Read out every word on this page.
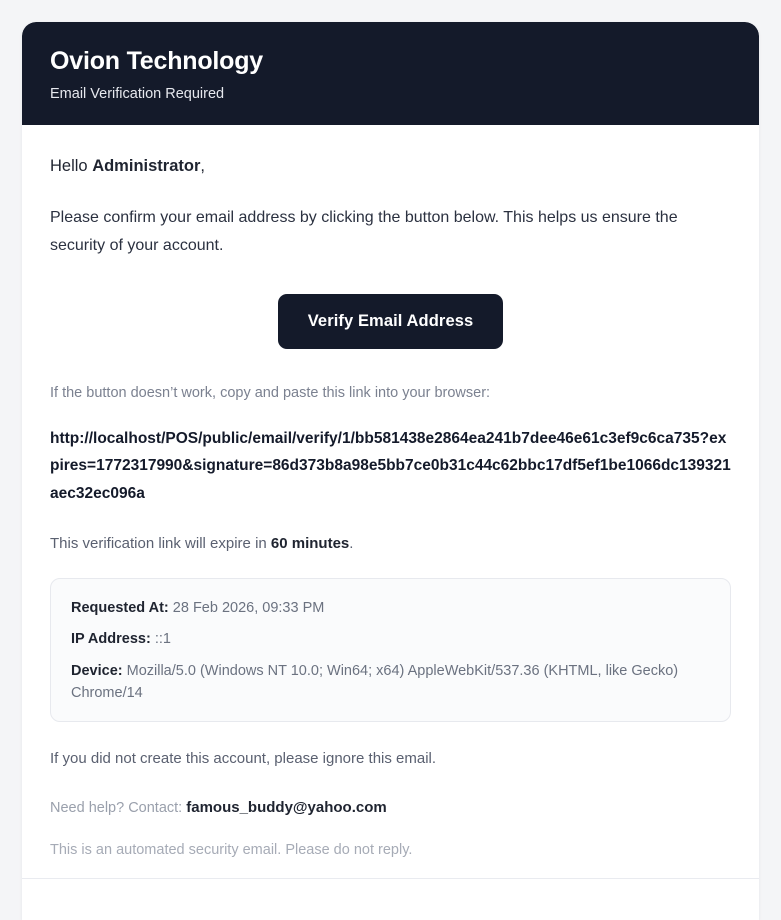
Ovion Technology
Email Verification Required

Hello Administrator,

Please confirm your email address by clicking the button below. This helps us ensure the security of your account.

Verify Email Address

If the button doesn’t work, copy and paste this link into your browser:

http://localhost/POS/public/email/verify/1/bb581438e2864ea241b7dee46e61c3ef9c6ca735?expires=1772317990&signature=86d373b8a98e5bb7ce0b31c44c62bbc17df5ef1be1066dc139321aec32ec096a

This verification link will expire in 60 minutes.

Requested At: 28 Feb 2026, 09:33 PM
IP Address: ::1
Device: Mozilla/5.0 (Windows NT 10.0; Win64; x64) AppleWebKit/537.36 (KHTML, like Gecko) Chrome/14

If you did not create this account, please ignore this email.

Need help? Contact: famous_buddy@yahoo.com

This is an automated security email. Please do not reply.
